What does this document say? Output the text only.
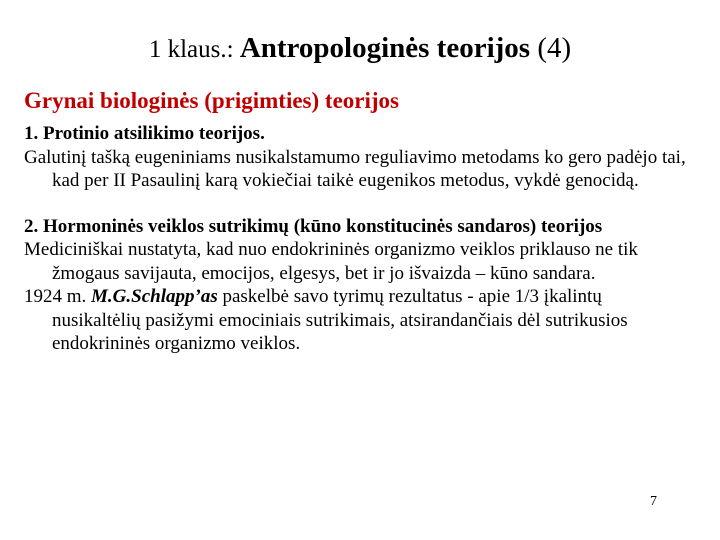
1 klaus.: Antropologinės teorijos (4)
Grynai biologinės (prigimties) teorijos

1. Protinio atsilikimo teorijos.

Galutinį tašką eugeniniams nusikalstamumo reguliavimo metodams ko gero padėjo tai, kad per II Pasaulinį karą vokiečiai taikė eugenikos metodus, vykdė genocidą.

2. Hormoninės veiklos sutrikimų (kūno konstitucinės sandaros) teorijos

Mediciniškai nustatyta, kad nuo endokrininės organizmo veiklos priklauso ne tik žmogaus savijauta, emocijos, elgesys, bet ir jo išvaizda – kūno sandara.

1924 m. M.G.Schlapp’as paskelbė savo tyrimų rezultatus - apie 1/3 įkalintų nusikaltėlių pasižymi emociniais sutrikimais, atsirandančiais dėl sutrikusios endokrininės organizmo veiklos.

7
